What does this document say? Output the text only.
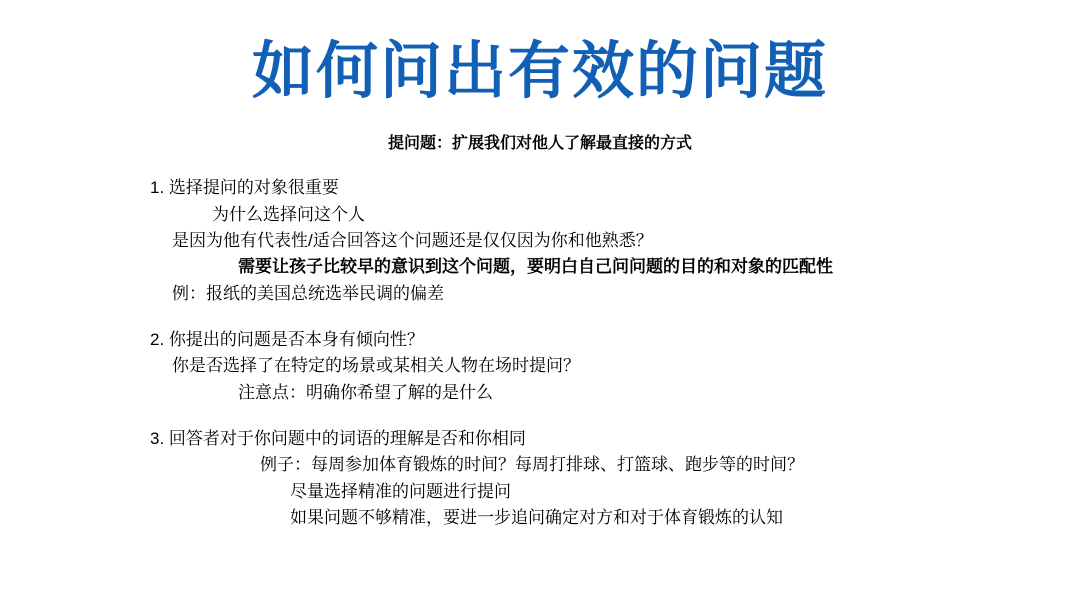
如何问出有效的问题
提问题：扩展我们对他人了解最直接的方式
1. 选择提问的对象很重要
为什么选择问这个人
是因为他有代表性/适合回答这个问题还是仅仅因为你和他熟悉？
需要让孩子比较早的意识到这个问题，要明白自己问问题的目的和对象的匹配性
例：报纸的美国总统选举民调的偏差
2. 你提出的问题是否本身有倾向性？
你是否选择了在特定的场景或某相关人物在场时提问？
注意点：明确你希望了解的是什么
3. 回答者对于你问题中的词语的理解是否和你相同
例子：每周参加体育锻炼的时间？每周打排球、打篮球、跑步等的时间？
尽量选择精准的问题进行提问
如果问题不够精准，要进一步追问确定对方和对于体育锻炼的认知
